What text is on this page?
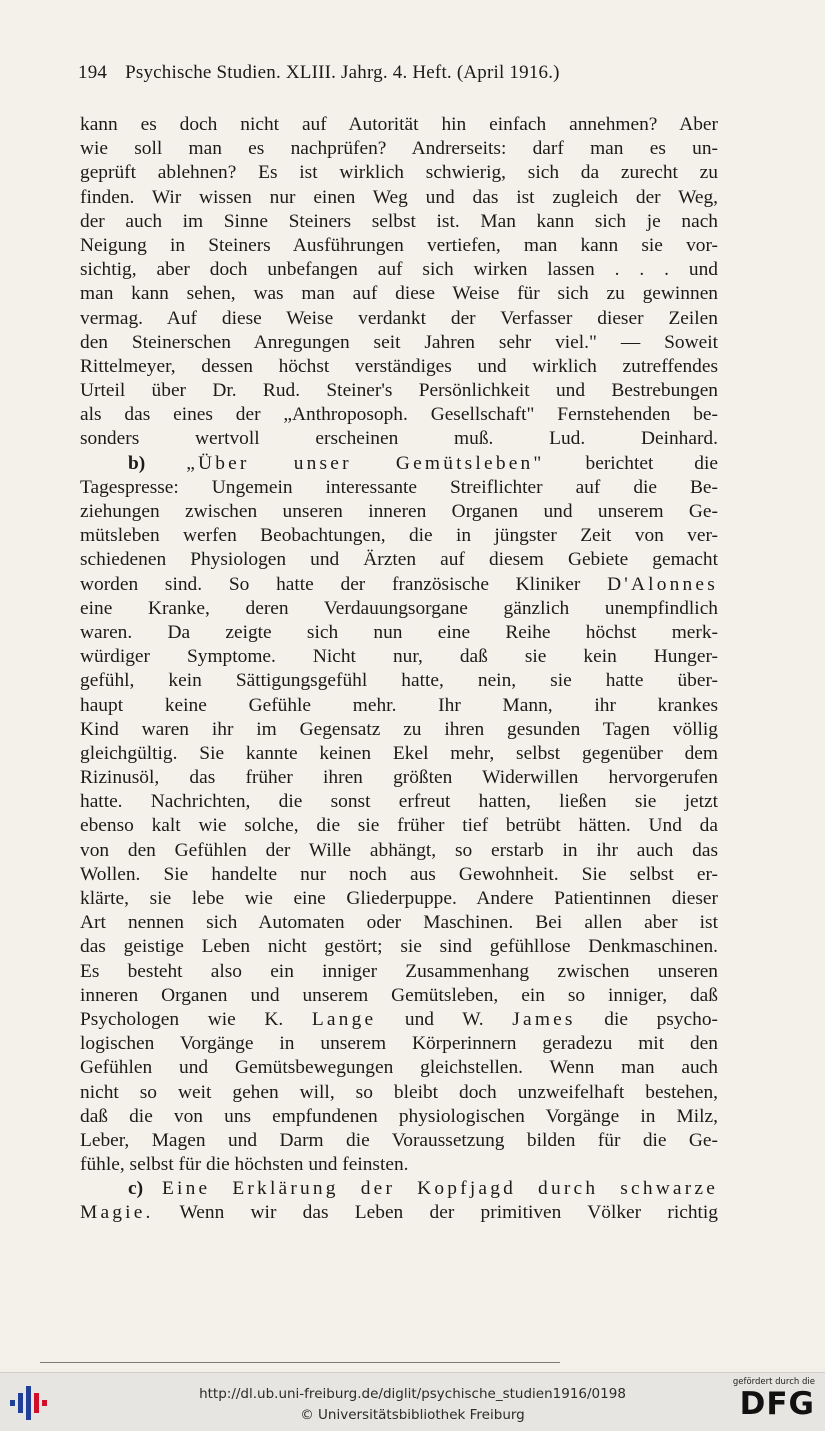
194 Psychische Studien. XLIII. Jahrg. 4. Heft. (April 1916.)
kann es doch nicht auf Autorität hin einfach annehmen? Aber
wie soll man es nachprüfen? Andrerseits: darf man es un-
geprüft ablehnen? Es ist wirklich schwierig, sich da zurecht zu
finden. Wir wissen nur einen Weg und das ist zugleich der Weg,
der auch im Sinne Steiners selbst ist. Man kann sich je nach
Neigung in Steiners Ausführungen vertiefen, man kann sie vor-
sichtig, aber doch unbefangen auf sich wirken lassen . . . und
man kann sehen, was man auf diese Weise für sich zu gewinnen
vermag. Auf diese Weise verdankt der Verfasser dieser Zeilen
den Steinerschen Anregungen seit Jahren sehr viel." — Soweit
Rittelmeyer, dessen höchst verständiges und wirklich zutreffendes
Urteil über Dr. Rud. Steiner's Persönlichkeit und Bestrebungen
als das eines der „Anthroposoph. Gesellschaft" Fernstehenden be-
sonders wertvoll erscheinen muß.	Lud. Deinhard.
b) „Über unser Gemütsleben" berichtet die
Tagespresse: Ungemein interessante Streiflichter auf die Be-
ziehungen zwischen unseren inneren Organen und unserem Ge-
mütsleben werfen Beobachtungen, die in jüngster Zeit von ver-
schiedenen Physiologen und Ärzten auf diesem Gebiete gemacht
worden sind. So hatte der französische Kliniker D'Alonnes
eine Kranke, deren Verdauungsorgane gänzlich unempfindlich
waren. Da zeigte sich nun eine Reihe höchst merk-
würdiger Symptome. Nicht nur, daß sie kein Hunger-
gefühl, kein Sättigungsgefühl hatte, nein, sie hatte über-
haupt keine Gefühle mehr. Ihr Mann, ihr krankes
Kind waren ihr im Gegensatz zu ihren gesunden Tagen völlig
gleichgültig. Sie kannte keinen Ekel mehr, selbst gegenüber dem
Rizinusöl, das früher ihren größten Widerwillen hervorgerufen
hatte. Nachrichten, die sonst erfreut hatten, ließen sie jetzt
ebenso kalt wie solche, die sie früher tief betrübt hätten. Und da
von den Gefühlen der Wille abhängt, so erstarb in ihr auch das
Wollen. Sie handelte nur noch aus Gewohnheit. Sie selbst er-
klärte, sie lebe wie eine Gliederpuppe. Andere Patientinnen dieser
Art nennen sich Automaten oder Maschinen. Bei allen aber ist
das geistige Leben nicht gestört; sie sind gefühllose Denkmaschinen.
Es besteht also ein inniger Zusammenhang zwischen unseren
inneren Organen und unserem Gemütsleben, ein so inniger, daß
Psychologen wie K. Lange und W. James die psycho-
logischen Vorgänge in unserem Körperinnern geradezu mit den
Gefühlen und Gemütsbewegungen gleichstellen. Wenn man auch
nicht so weit gehen will, so bleibt doch unzweifelhaft bestehen,
daß die von uns empfundenen physiologischen Vorgänge in Milz,
Leber, Magen und Darm die Voraussetzung bilden für die Ge-
fühle, selbst für die höchsten und feinsten.
c) Eine Erklärung der Kopfjagd durch schwarze
Magie. Wenn wir das Leben der primitiven Völker richtig
http://dl.ub.uni-freiburg.de/diglit/psychische_studien1916/0198
© Universitätsbibliothek Freiburg
gefördert durch die
DFG
